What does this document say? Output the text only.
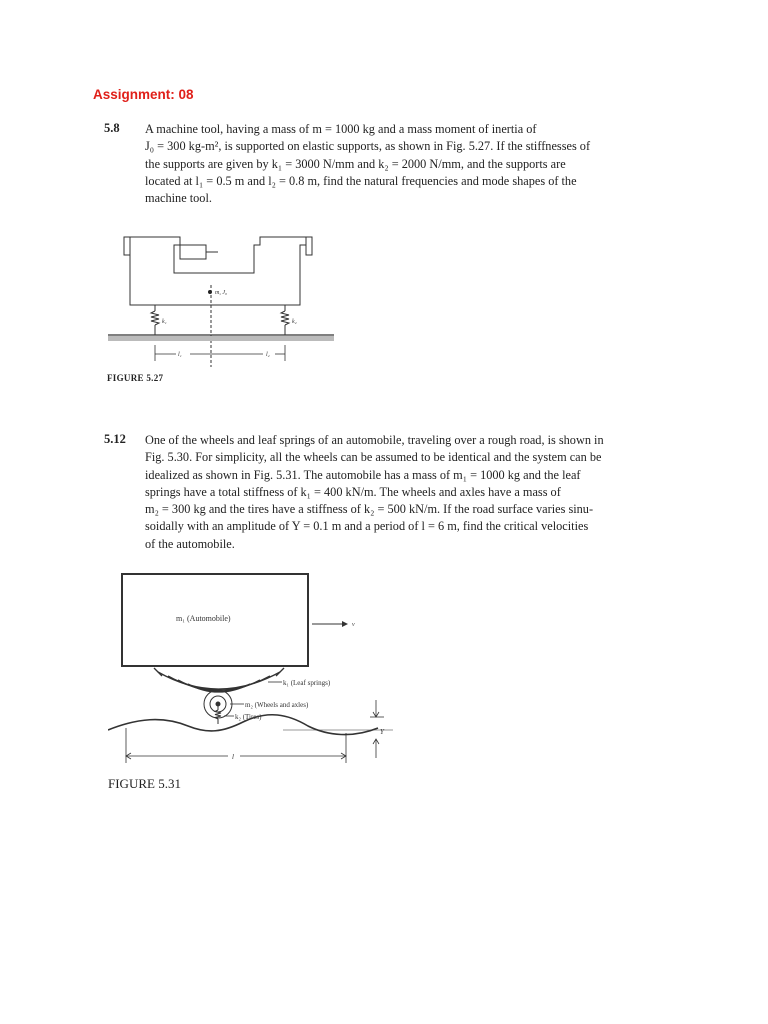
Assignment: 08
5.8 A machine tool, having a mass of m = 1000 kg and a mass moment of inertia of
J₀ = 300 kg-m², is supported on elastic supports, as shown in Fig. 5.27. If the stiffnesses of
the supports are given by k₁ = 3000 N/mm and k₂ = 2000 N/mm, and the supports are
located at l₁ = 0.5 m and l₂ = 0.8 m, find the natural frequencies and mode shapes of the
machine tool.
m, J₀
k₁	k₂
l₁	l₂
FIGURE 5.27
5.12 One of the wheels and leaf springs of an automobile, traveling over a rough road, is shown in
Fig. 5.30. For simplicity, all the wheels can be assumed to be identical and the system can be
idealized as shown in Fig. 5.31. The automobile has a mass of m₁ = 1000 kg and the leaf
springs have a total stiffness of k₁ = 400 kN/m. The wheels and axles have a mass of
m₂ = 300 kg and the tires have a stiffness of k₂ = 500 kN/m. If the road surface varies sinu-
soidally with an amplitude of Y = 0.1 m and a period of l = 6 m, find the critical velocities
of the automobile.
m₁ (Automobile)
v
k₁ (Leaf springs)
m₂ (Wheels and axles)
k₂ (Tires)
Y
l
FIGURE 5.31
